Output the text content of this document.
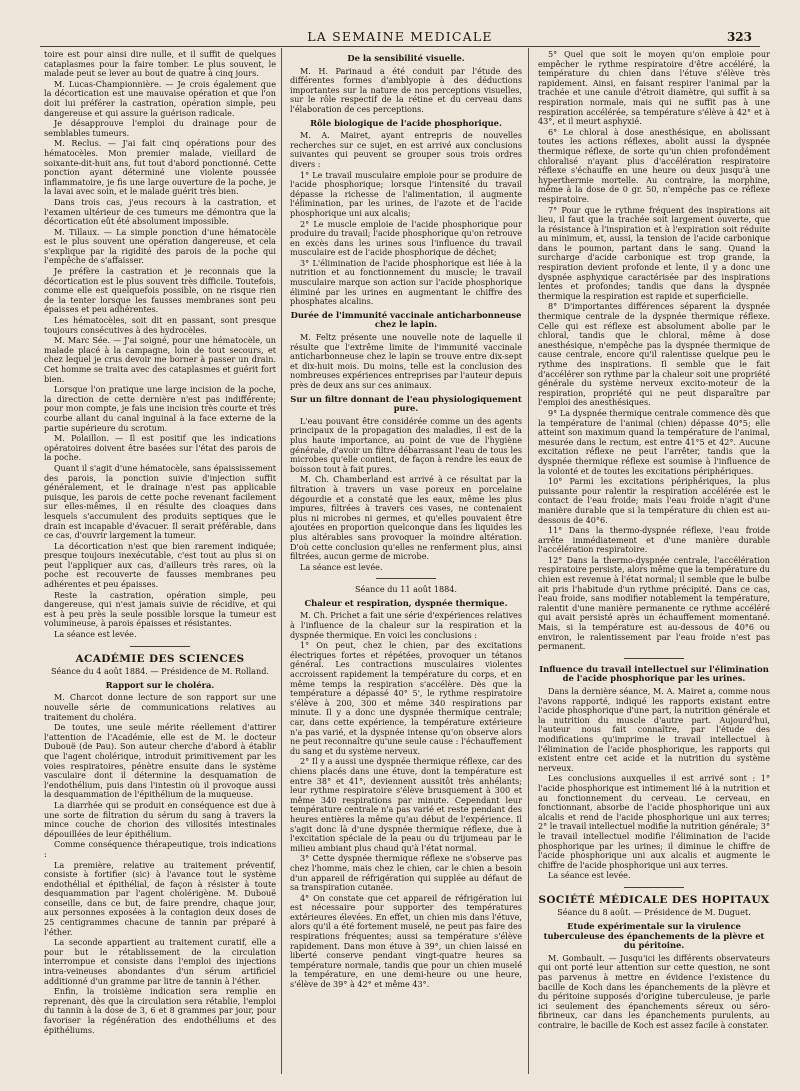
LA SEMAINE MEDICALE	323

toire est pour ainsi dire nulle, et il suffit de quelques cataplasmes pour la faire tomber. Le plus souvent, le malade peut se lever au bout de quatre à cinq jours.

M. Lucas-Championnière. — Je crois également que la décortication est une mauvaise opération et que l'on doit lui préférer la castration, opération simple, peu dangereuse et qui assure la guérison radicale.

Je désapprouve l'emploi du drainage pour de semblables tumeurs.

M. Reclus. — J'ai fait cinq opérations pour des hématocèles. Mon premier malade, vieillard de soixante-dit-huit ans, fut tout d'abord ponctionné. Cette ponction ayant déterminé une violente poussée inflammatoire, je fis une large ouverture de la poche, je la lavai avec soin, et le malade guérit très bien.

Dans trois cas, j'eus recours à la castration, et l'examen ultérieur de ces tumeurs me démontra que la décortication eût été absolument impossible.

M. Tillaux. — La simple ponction d'une hématocèle est le plus souvent une opération dangereuse, et cela s'explique par la rigidité des parois de la poche qui l'empêche de s'affaisser.

Je préfère la castration et je reconnais que la décortication est le plus souvent très difficile. Toutefois, comme elle est quelquefois possible, on ne risque rien de la tenter lorsque les fausses membranes sont peu épaisses et peu adhérentes.

Les hématocèles, soit dit en passant, sont presque toujours consécutives à des hydrocèles.

M. Marc Sée. — J'ai soigné, pour une hématocèle, un malade placé à la campagne, loin de tout secours, et chez lequel je crus devoir me borner à passer un drain. Cet homme se traita avec des cataplasmes et guérit fort bien.

Lorsque l'on pratique une large incision de la poche, la direction de cette dernière n'est pas indifférente; pour mon compte, je fais une incision très courte et très courbe allant du canal inguinal à la face externe de la partie supérieure du scrotum.

M. Polaillon. — Il est positif que les indications opératoires doivent être basées sur l'état des parois de la poche.

Quant il s'agit d'une hématocèle, sans épaississement des parois, la ponction suivie d'injection suffit généralement, et le drainage n'est pas applicable puisque, les parois de cette poche revenant facilement sur elles-mêmes, il en résulte des cloaques dans lesquels s'accumulent des produits septiques que le drain est incapable d'évacuer. Il serait préférable, dans ce cas, d'ouvrir largement la tumeur.

La décortication n'est que bien rarement indiquée; presque toujours inexécutable, c'est tout au plus si on peut l'appliquer aux cas, d'ailleurs très rares, où la poche est recouverte de fausses membranes peu adhérentes et peu épaisses.

Reste la castration, opération simple, peu dangereuse, qui n'est jamais suivie de récidive, et qui est à peu près la seule possible lorsque la tumeur est volumineuse, à parois épaisses et résistantes.

La séance est levée.

ACADÉMIE DES SCIENCES

Séance du 4 août 1884. — Présidence de M. Rolland.

Rapport sur le choléra.

M. Charcot donne lecture de son rapport sur une nouvelle série de communications relatives au traitement du choléra.

De toutes, une seule mérite réellement d'attirer l'attention de l'Académie, elle est de M. le docteur Dubouë (de Pau). Son auteur cherche d'abord à établir que l'agent cholérique, introduit primitivement par les voies respiratoires, pénètre ensuite dans le système vasculaire dont il détermine la desquamation de l'endothélium, puis dans l'intestin où il provoque aussi la desquammation de l'épithélium de la muqueuse.

La diarrhée qui se produit en conséquence est due à une sorte de filtration du sérum du sang à travers la mince couche de chorion des villosités intestinales dépouillées de leur épithélium.

Comme conséquence thérapeutique, trois indications :

La première, relative au traitement préventif, consiste à fortifier (sic) à l'avance tout le système endothélial et épithélial, de façon à résister à toute desquammation par l'agent cholérigène. M. Dubouë conseille, dans ce but, de faire prendre, chaque jour, aux personnes exposées à la contagion deux doses de 25 centigrammes chacune de tannin par préparé à l'éther.

La seconde appartient au traitement curatif, elle a pour but le rétablissement de la circulation interrompue et consiste dans l'emploi des injections intra-veineuses abondantes d'un sérum artificiel additionné d'un gramme par litre de tannin à l'éther.

Enfin, la troisième indication sera remplie en reprenant, dès que la circulation sera rétablie, l'emploi du tannin à la dose de 3, 6 et 8 grammes par jour, pour favoriser la régénération des endothéliums et des épithéliums.

De la sensibilité visuelle.

M. H. Parinaud a été conduit par l'étude des différentes formes d'amblyopie à des déductions importantes sur la nature de nos perceptions visuelles, sur le rôle respectif de la rétine et du cerveau dans l'élaboration de ces perceptions.

Rôle biologique de l'acide phosphorique.

M. A. Mairet, ayant entrepris de nouvelles recherches sur ce sujet, en est arrivé aux conclusions suivantes qui peuvent se grouper sous trois ordres divers :

1° Le travail musculaire emploie pour se produire de l'acide phosphorique; lorsque l'intensité du travail dépasse la richesse de l'alimentation, il augmente l'élimination, par les urines, de l'azote et de l'acide phosphorique uni aux alcalis;

2° Le muscle emploie de l'acide phosphorique pour produire du travail; l'acide phosphorique qu'on retrouve en excès dans les urines sous l'influence du travail musculaire est de l'acide phosphorique de déchet;

3° L'élimination de l'acide phosphorique est liée à la nutrition et au fonctionnement du muscle; le travail musculaire marque son action sur l'acide phosphorique éliminé par les urines en augmentant le chiffre des phosphates alcalins.

Durée de l'immunité vaccinale anticharbonneuse chez le lapin.

M. Feltz présente une nouvelle note de laquelle il résulte que l'extrême limite de l'immunité vaccinale anticharbonneuse chez le lapin se trouve entre dix-sept et dix-huit mois. Du moins, telle est la conclusion des nombreuses expériences entreprises par l'auteur depuis près de deux ans sur ces animaux.

Sur un filtre donnant de l'eau physiologiquement pure.

L'eau pouvant être considérée comme un des agents principaux de la propagation des maladies, il est de la plus haute importance, au point de vue de l'hygiène générale, d'avoir un filtre débarrassant l'eau de tous les microbes qu'elle contient, de façon à rendre les eaux de boisson tout à fait pures.

M. Ch. Chamberland est arrivé à ce résultat par la filtration à travers un vase poreux en porcelaine dégourdie et a constaté que les eaux, même les plus impures, filtrées à travers ces vases, ne contenaient plus ni microbes ni germes, et qu'elles pouvaient être ajoutées en proportion quelconque dans les liquides les plus altérables sans provoquer la moindre altération. D'où cette conclusion qu'elles ne renferment plus, ainsi filtrées, aucun germe de microbe.

La séance est levée.

Séance du 11 août 1884.
Chaleur et respiration, dyspnée thermique.

M. Ch. Prichet a fait une série d'expériences relatives à l'influence de la chaleur sur la respiration et la dyspnée thermique. En voici les conclusions :

1° On peut, chez le chien, par des excitations électriques fortes et répétées, provoquer un tétanos général. Les contractions musculaires violentes accroissent rapidement la température du corps, et en même temps la respiration s'accélère. Dès que la température a dépassé 40° 5', le rythme respiratoire s'élève à 200, 300 et même 340 respirations par minute. Il y a donc une dyspnée thermique centrale; car, dans cette expérience, la température extérieure n'a pas varié, et la dyspnée intense qu'on observe alors ne peut reconnaître qu'une seule cause : l'échauffement du sang et du système nerveux.

2° Il y a aussi une dyspnée thermique réflexe, car des chiens placés dans une étuve, dont la température est entre 38° et 41°, deviennent aussitôt très anhélants; leur rythme respiratoire s'élève brusquement à 300 et même 340 respirations par minute. Cependant leur température centrale n'a pas varié et reste pendant des heures entières la même qu'au début de l'expérience. Il s'agit donc là d'une dyspnée thermique réflexe, due à l'excitation spéciale de la peau ou du trijumeau par le milieu ambiant plus chaud qu'à l'état normal.

3° Cette dyspnée thermique réflexe ne s'observe pas chez l'homme, mais chez le chien, car le chien a besoin d'un appareil de réfrigération qui supplée au défaut de sa transpiration cutanée.

4° On constate que cet appareil de réfrigération lui est nécessaire pour supporter des températures extérieures élevées. En effet, un chien mis dans l'étuve, alors qu'il a été fortement muselé, ne peut pas faire des respirations fréquentes; aussi sa température s'élève rapidement. Dans mon étuve à 39°, un chien laissé en liberté conserve pendant vingt-quatre heures sa température normale, tandis que pour un chien muselé la température, en une demi-heure ou une heure, s'élève de 39° à 42° et même 43°.

5° Quel que soit le moyen qu'on emploie pour empêcher le rythme respiratoire d'être accéléré, la température du chien dans l'étuve s'élève très rapidement. Ainsi, en faisant respirer l'animal par la trachée et une canule d'étroit diamètre, qui suffit à sa respiration normale, mais qui ne suffit pas à une respiration accélérée, sa température s'élève à 42° et à 43°, et il meurt asphyxié.

6° Le chloral à dose anesthésique, en abolissant toutes les actions réflexes, abolit aussi la dyspnée thermique réflexe, de sorte qu'un chien profondément chloralisé n'ayant plus d'accélération respiratoire réflexe s'échauffe en une heure ou deux jusqu'à une hyperthermie mortelle. Au contraire, la morphine, même à la dose de 0 gr. 50, n'empêche pas ce réflexe respiratoire.

7° Pour que le rythme fréquent des inspirations ait lieu, il faut que la trachée soit largement ouverte, que la résistance à l'inspiration et à l'expiration soit réduite au minimum, et, aussi, la tension de l'acide carbonique dans le poumon, partant dans le sang. Quand la surcharge d'acide carbonique est trop grande, la respiration devient profonde et lente, il y a donc une dyspnée asphyxique caractérisée par des inspirations lentes et profondes; tandis que dans la dyspnée thermique la respiration est rapide et superficielle.

8° D'importantes différences séparent la dyspnée thermique centrale de la dyspnée thermique réflexe. Celle qui est réflexe est absolument abolie par le chloral, tandis que le chloral, même à dose anesthésique, n'empêche pas la dyspnée thermique de cause centrale, encore qu'il ralentisse quelque peu le rythme des inspirations. Il semble que le fait d'accélérer son rythme par la chaleur soit une propriété générale du système nerveux excito-moteur de la respiration, propriété qui ne peut disparaître par l'emploi des anesthésiques.

9° La dyspnée thermique centrale commence dès que la température de l'animal (chien) dépasse 40°5; elle atteint son maximum quand la température de l'animal, mesurée dans le rectum, est entre 41°5 et 42°. Aucune excitation réflexe ne peut l'arrêter, tandis que la dyspnée thermique réflexe est soumise à l'influence de la volonté et de toutes les excitations périphériques.

10° Parmi les excitations périphériques, la plus puissante pour ralentir la respiration accélérée est le contact de l'eau froide; mais l'eau froide n'agit d'une manière durable que si la température du chien est au-dessous de 40°6.

11° Dans la thermo-dyspnée réflexe, l'eau froide arrête immédiatement et d'une manière durable l'accélération respiratoire.

12° Dans la thermo-dyspnée centrale, l'accélération respiratoire persiste, alors même que la température du chien est revenue à l'état normal; il semble que le bulbe ait pris l'habitude d'un rythme précipité. Dans ce cas, l'eau froide, sans modifier notablement la température, ralentit d'une manière permanente ce rythme accéléré qui avait persisté après un échauffement momentané. Mais, si la température est au-dessous de 40°6 ou environ, le ralentissement par l'eau froide n'est pas permanent.

Influence du travail intellectuel sur l'élimination de l'acide phosphorique par les urines.

Dans la dernière séance, M. A. Mairet a, comme nous l'avons rapporté, indiqué les rapports existant entre l'acide phosphorique d'une part, la nutrition générale et la nutrition du muscle d'autre part. Aujourd'hui, l'auteur nous fait connaître, par l'étude des modifications qu'imprime le travail intellectuel à l'élimination de l'acide phosphorique, les rapports qui existent entre cet acide et la nutrition du système nerveux.

Les conclusions auxquelles il est arrivé sont : 1° l'acide phosphorique est intimement lié à la nutrition et au fonctionnement du cerveau. Le cerveau, en fonctionnant, absorbe de l'acide phosphorique uni aux alcalis et rend de l'acide phosphorique uni aux terres; 2° le travail intellectuel modifie la nutrition générale; 3° le travail intellectuel modifie l'élimination de l'acide phosphorique par les urines; il diminue le chiffre de l'acide phosphorique uni aux alcalis et augmente le chiffre de l'acide phosphorique uni aux terres.

La séance est levée.

SOCIÉTÉ MÉDICALE DES HOPITAUX

Séance du 8 août. — Présidence de M. Duguet.

Etude expérimentale sur la virulence tuberculeuse des épanchements de la plèvre et du péritoine.

M. Gombault. — Jusqu'ici les différents observateurs qui ont porté leur attention sur cette question, ne sont pas parvenus à mettre en évidence l'existence du bacille de Koch dans les épanchements de la plèvre et du péritoine supposés d'origine tuberculeuse, je parle ici seulement des épanchements séreux ou séro-fibrineux, car dans les épanchements purulents, au contraire, le bacille de Koch est assez facile à constater.
